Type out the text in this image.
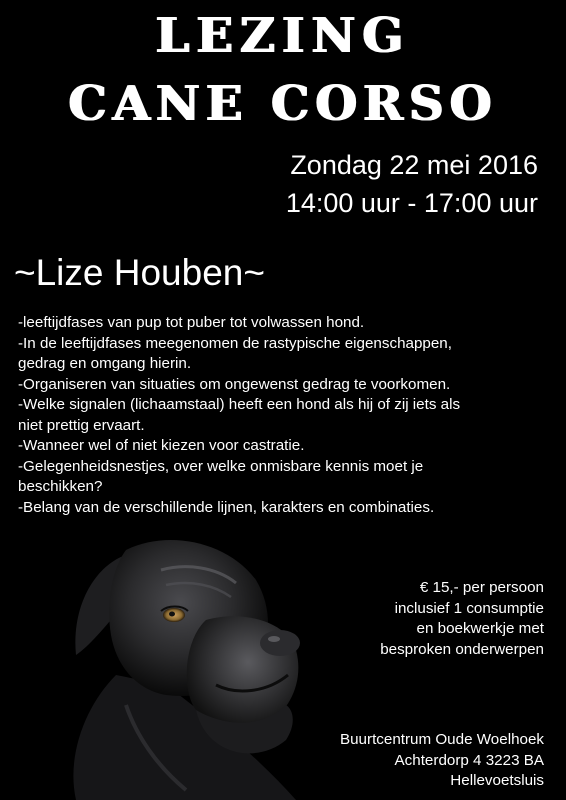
LEZING
CANE CORSO
Zondag 22 mei 2016
14:00 uur - 17:00 uur
~Lize Houben~
-leeftijdfases van pup tot puber tot volwassen hond.
-In de leeftijdfases meegenomen de rastypische eigenschappen,
gedrag en omgang hierin.
-Organiseren van situaties om ongewenst gedrag te voorkomen.
-Welke signalen (lichaamstaal) heeft een hond als hij of zij iets als
niet prettig ervaart.
-Wanneer wel of niet kiezen voor castratie.
-Gelegenheidsnestjes, over welke onmisbare kennis moet je
beschikken?
-Belang van de verschillende lijnen, karakters en combinaties.
€ 15,- per persoon
inclusief 1 consumptie
en boekwerkje met
besproken onderwerpen
Buurtcentrum Oude Woelhoek
Achterdorp 4 3223 BA
Hellevoetsluis
